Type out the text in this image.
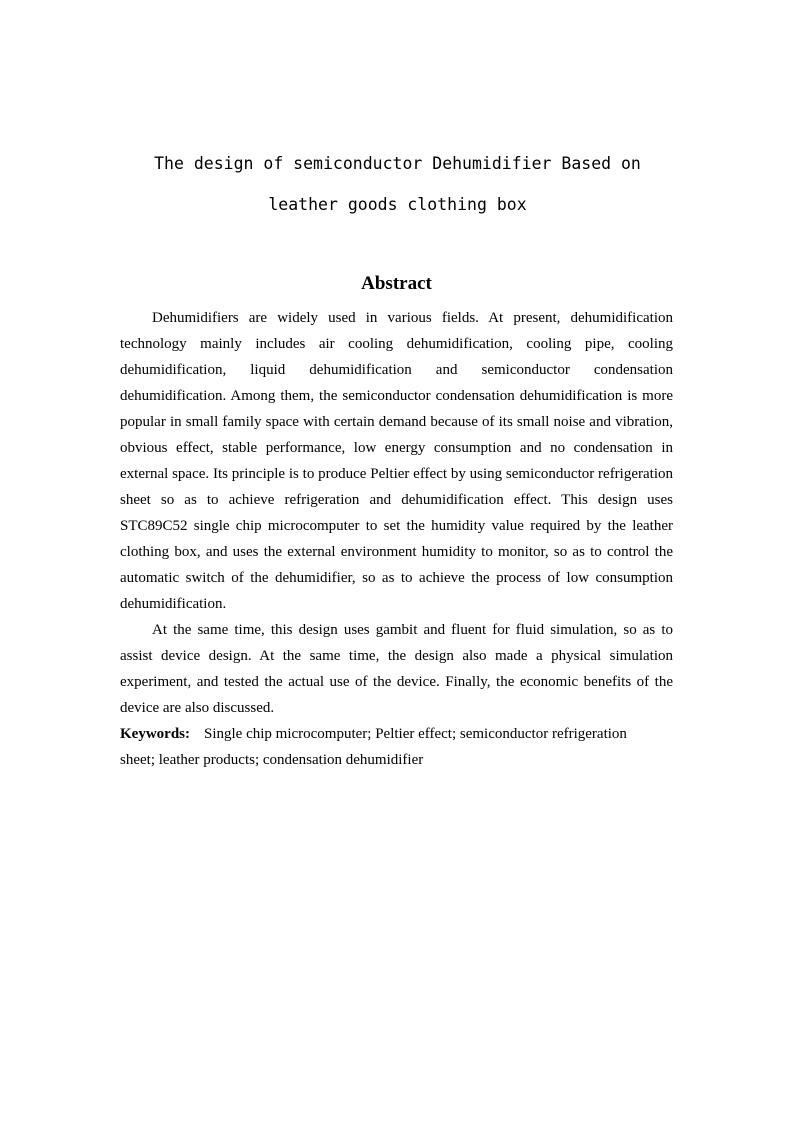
The design of semiconductor Dehumidifier Based on leather goods clothing box
Abstract

Dehumidifiers are widely used in various fields. At present, dehumidification technology mainly includes air cooling dehumidification, cooling pipe, cooling dehumidification, liquid dehumidification and semiconductor condensation dehumidification. Among them, the semiconductor condensation dehumidification is more popular in small family space with certain demand because of its small noise and vibration, obvious effect, stable performance, low energy consumption and no condensation in external space. Its principle is to produce Peltier effect by using semiconductor refrigeration sheet so as to achieve refrigeration and dehumidification effect. This design uses STC89C52 single chip microcomputer to set the humidity value required by the leather clothing box, and uses the external environment humidity to monitor, so as to control the automatic switch of the dehumidifier, so as to achieve the process of low consumption dehumidification.

At the same time, this design uses gambit and fluent for fluid simulation, so as to assist device design. At the same time, the design also made a physical simulation experiment, and tested the actual use of the device. Finally, the economic benefits of the device are also discussed.

Keywords: Single chip microcomputer; Peltier effect; semiconductor refrigeration sheet; leather products; condensation dehumidifier
